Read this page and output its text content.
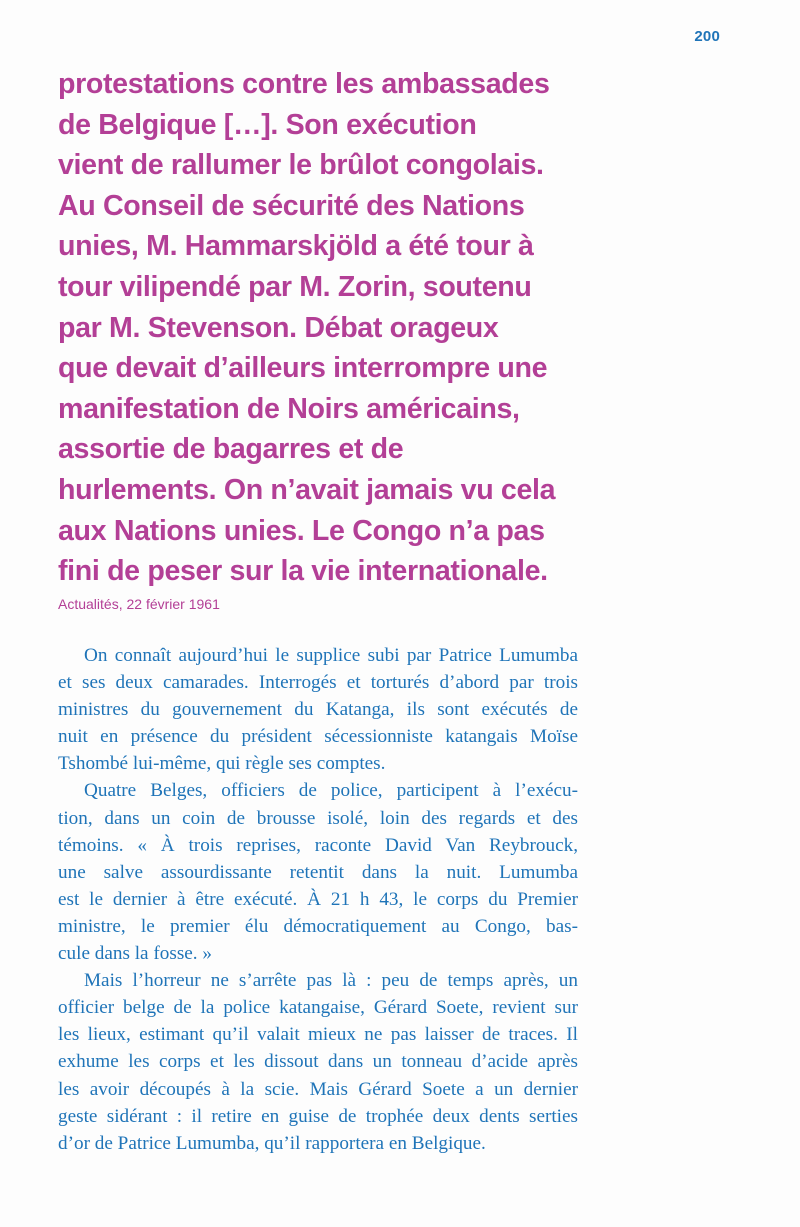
200
protestations contre les ambassades
de Belgique […]. Son exécution
vient de rallumer le brûlot congolais.
Au Conseil de sécurité des Nations
unies, M. Hammarskjöld a été tour à
tour vilipendé par M. Zorin, soutenu
par M. Stevenson. Débat orageux
que devait d’ailleurs interrompre une
manifestation de Noirs américains,
assortie de bagarres et de
hurlements. On n’avait jamais vu cela
aux Nations unies. Le Congo n’a pas
fini de peser sur la vie internationale.
Actualités, 22 février 1961

On connaît aujourd’hui le supplice subi par Patrice Lumumba
et ses deux camarades. Interrogés et torturés d’abord par trois
ministres du gouvernement du Katanga, ils sont exécutés de
nuit en présence du président sécessionniste katangais Moïse
Tshombé lui-même, qui règle ses comptes.

Quatre Belges, officiers de police, participent à l’exécu-
tion, dans un coin de brousse isolé, loin des regards et des
témoins. « À trois reprises, raconte David Van Reybrouck,
une salve assourdissante retentit dans la nuit. Lumumba
est le dernier à être exécuté. À 21 h 43, le corps du Premier
ministre, le premier élu démocratiquement au Congo, bas-
cule dans la fosse. »

Mais l’horreur ne s’arrête pas là : peu de temps après, un
officier belge de la police katangaise, Gérard Soete, revient sur
les lieux, estimant qu’il valait mieux ne pas laisser de traces. Il
exhume les corps et les dissout dans un tonneau d’acide après
les avoir découpés à la scie. Mais Gérard Soete a un dernier
geste sidérant : il retire en guise de trophée deux dents serties
d’or de Patrice Lumumba, qu’il rapportera en Belgique.
